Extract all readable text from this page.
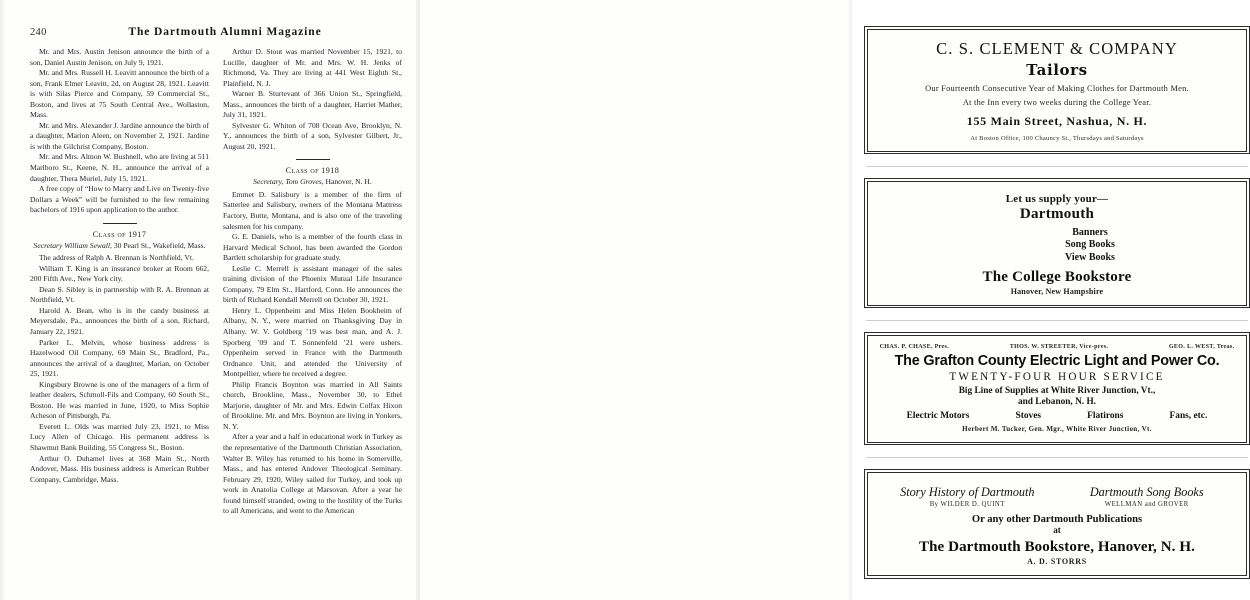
240	The Dartmouth Alumni Magazine

Mr. and Mrs. Austin Jenison announce the birth of a son, Daniel Austin Jenison, on July 9, 1921.

Mr. and Mrs. Russell H. Leavitt announce the birth of a son, Frank Elmer Leavitt, 2d, on August 28, 1921. Leavitt is with Silas Pierce and Company, 59 Commercial St., Boston, and lives at 75 South Central Ave., Wollaston, Mass.

Mr. and Mrs. Alexander J. Jardine announce the birth of a daughter, Marion Aleen, on November 2, 1921. Jardine is with the Gilchrist Company, Boston.

Mr. and Mrs. Almon W. Bushnell, who are living at 511 Marlboro St., Keene, N. H., announce the arrival of a daughter, Thera Muriel, July 15, 1921.

A free copy of “How to Marry and Live on Twenty-five Dollars a Week” will be furnished to the few remaining bachelors of 1916 upon application to the author.

Class of 1917
Secretary William Sewall, 30 Pearl St., Wakefield, Mass.

The address of Ralph A. Brennan is Northfield, Vt.

William T. King is an insurance broker at Room 662, 200 Fifth Ave., New York city.

Dean S. Sibley is in partnership with R. A. Brennan at Northfield, Vt.

Harold A. Bean, who is in the candy business at Meyersdale, Pa., announces the birth of a son, Richard, January 22, 1921.

Parker L. Melvin, whose business address is Hazelwood Oil Company, 69 Main St., Bradford, Pa., announces the arrival of a daughter, Marian, on October 25, 1921.

Kingsbury Browne is one of the managers of a firm of leather dealers, Schmoll-Fils and Company, 60 South St., Boston. He was married in June, 1920, to Miss Sophie Acheson of Pittsburgh, Pa.

Everett L. Olds was married July 23, 1921, to Miss Lucy Allen of Chicago. His permanent address is Shawmut Bank Building, 55 Congress St., Boston.

Arthur O. Duhamel lives at 368 Main St., North Andover, Mass. His business address is American Rubber Company, Cambridge, Mass.

Arthur D. Stout was married November 15, 1921, to Lucille, daughter of Mr. and Mrs. W. H. Jenks of Richmond, Va. They are living at 441 West Eighth St., Plainfield, N. J.

Warner B. Sturtevant of 366 Union St., Springfield, Mass., announces the birth of a daughter, Harriet Mather, July 31, 1921.

Sylvester G. Whiton of 708 Ocean Ave, Brooklyn, N. Y., announces the birth of a son, Sylvester Gilbert, Jr., August 20, 1921.

Class of 1918
Secretary, Tom Groves, Hanover, N. H.

Emmet D. Salisbury is a member of the firm of Satterlee and Salisbury, owners of the Montana Mattress Factory, Butte, Montana, and is also one of the traveling salesmen for his company.

G. E. Daniels, who is a member of the fourth class in Harvard Medical School, has been awarded the Gordon Bartlett scholarship for graduate study.

Leslie C. Merrell is assistant manager of the sales training division of the Phoenix Mutual Life Insurance Company, 79 Elm St., Hartford, Conn. He announces the birth of Richard Kendall Merrell on October 30, 1921.

Henry L. Oppenheim and Miss Helen Bookheim of Albany, N. Y., were married on Thanksgiving Day in Albany. W. V. Goldberg ’19 was best man, and A. J. Sporberg ’09 and T. Sonnenfeld ’21 were ushers. Oppenheim served in France with the Dartmouth Ordnance Unit, and attended the University of Montpellier, where he received a degree.

Philip Francis Boynton was married in All Saints church, Brookline, Mass., November 30, to Ethel Marjorie, daughter of Mr. and Mrs. Edwin Colfax Hixon of Brookline. Mr. and Mrs. Boynton are living in Yonkers, N. Y.

After a year and a half in educational work in Turkey as the representative of the Dartmouth Christian Association, Walter B. Wiley has returned to his home in Somerville, Mass., and has entered Andover Theological Seminary. February 29, 1920, Wiley sailed for Turkey, and took up work in Anatolia College at Marsovan. After a year he found himself stranded, owing to the hostility of the Turks to all Americans, and went to the American

C. S. CLEMENT & COMPANY
Tailors
Our Fourteenth Consecutive Year of Making Clothes for Dartmouth Men.
At the Inn every two weeks during the College Year.
155 Main Street, Nashua, N. H.
At Boston Office, 100 Chauncy St., Thursdays and Saturdays
Let us supply your—
Dartmouth
Banners
Song Books
View Books
The College Bookstore
Hanover, New Hampshire
CHAS. P. CHASE, Pres.	THOS. W. STREETER, Vice-pres.	GEO. L. WEST, Treas.
The Grafton County Electric Light and Power Co.
TWENTY-FOUR HOUR SERVICE
Big Line of Supplies at White River Junction, Vt.,
and Lebanon, N. H.
Electric Motors	Stoves	Flatirons	Fans, etc.
Herbert M. Tucker, Gen. Mgr., White River Junction, Vt.
Story History of Dartmouth
By WILDER D. QUINT
Dartmouth Song Books
WELLMAN and GROVER
Or any other Dartmouth Publications
at
The Dartmouth Bookstore, Hanover, N. H.
A. D. STORRS
